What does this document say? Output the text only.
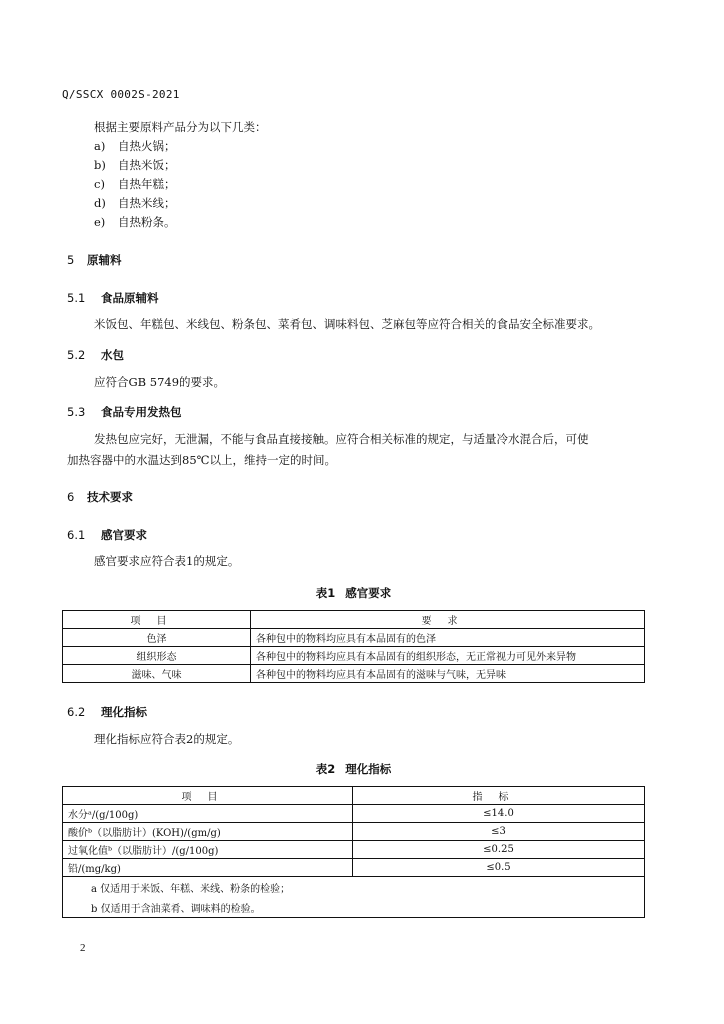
Q/SSCX 0002S-2021
根据主要原料产品分为以下几类：
a) 自热火锅；
b) 自热米饭；
c) 自热年糕；
d) 自热米线；
e) 自热粉条。
5 原辅料
5.1 食品原辅料
米饭包、年糕包、米线包、粉条包、菜肴包、调味料包、芝麻包等应符合相关的食品安全标准要求。
5.2 水包
应符合GB 5749的要求。
5.3 食品专用发热包
发热包应完好，无泄漏，不能与食品直接接触。应符合相关标准的规定，与适量冷水混合后，可使
加热容器中的水温达到85℃以上，维持一定的时间。
6 技术要求
6.1 感官要求
感官要求应符合表1的规定。
表1 感官要求
项目	要求
色泽	各种包中的物料均应具有本品固有的色泽
组织形态	各种包中的物料均应具有本品固有的组织形态，无正常视力可见外来异物
滋味、气味	各种包中的物料均应具有本品固有的滋味与气味，无异味
6.2 理化指标
理化指标应符合表2的规定。
表2 理化指标
项目	指标
水分ᵃ/(g/100g)	≤14.0
酸价ᵇ（以脂肪计）(KOH)/(gm/g)	≤3
过氧化值ᵇ（以脂肪计）/(g/100g)	≤0.25
铅/(mg/kg)	≤0.5
a 仅适用于米饭、年糕、米线、粉条的检验；	
b 仅适用于含油菜肴、调味料的检验。	
2
